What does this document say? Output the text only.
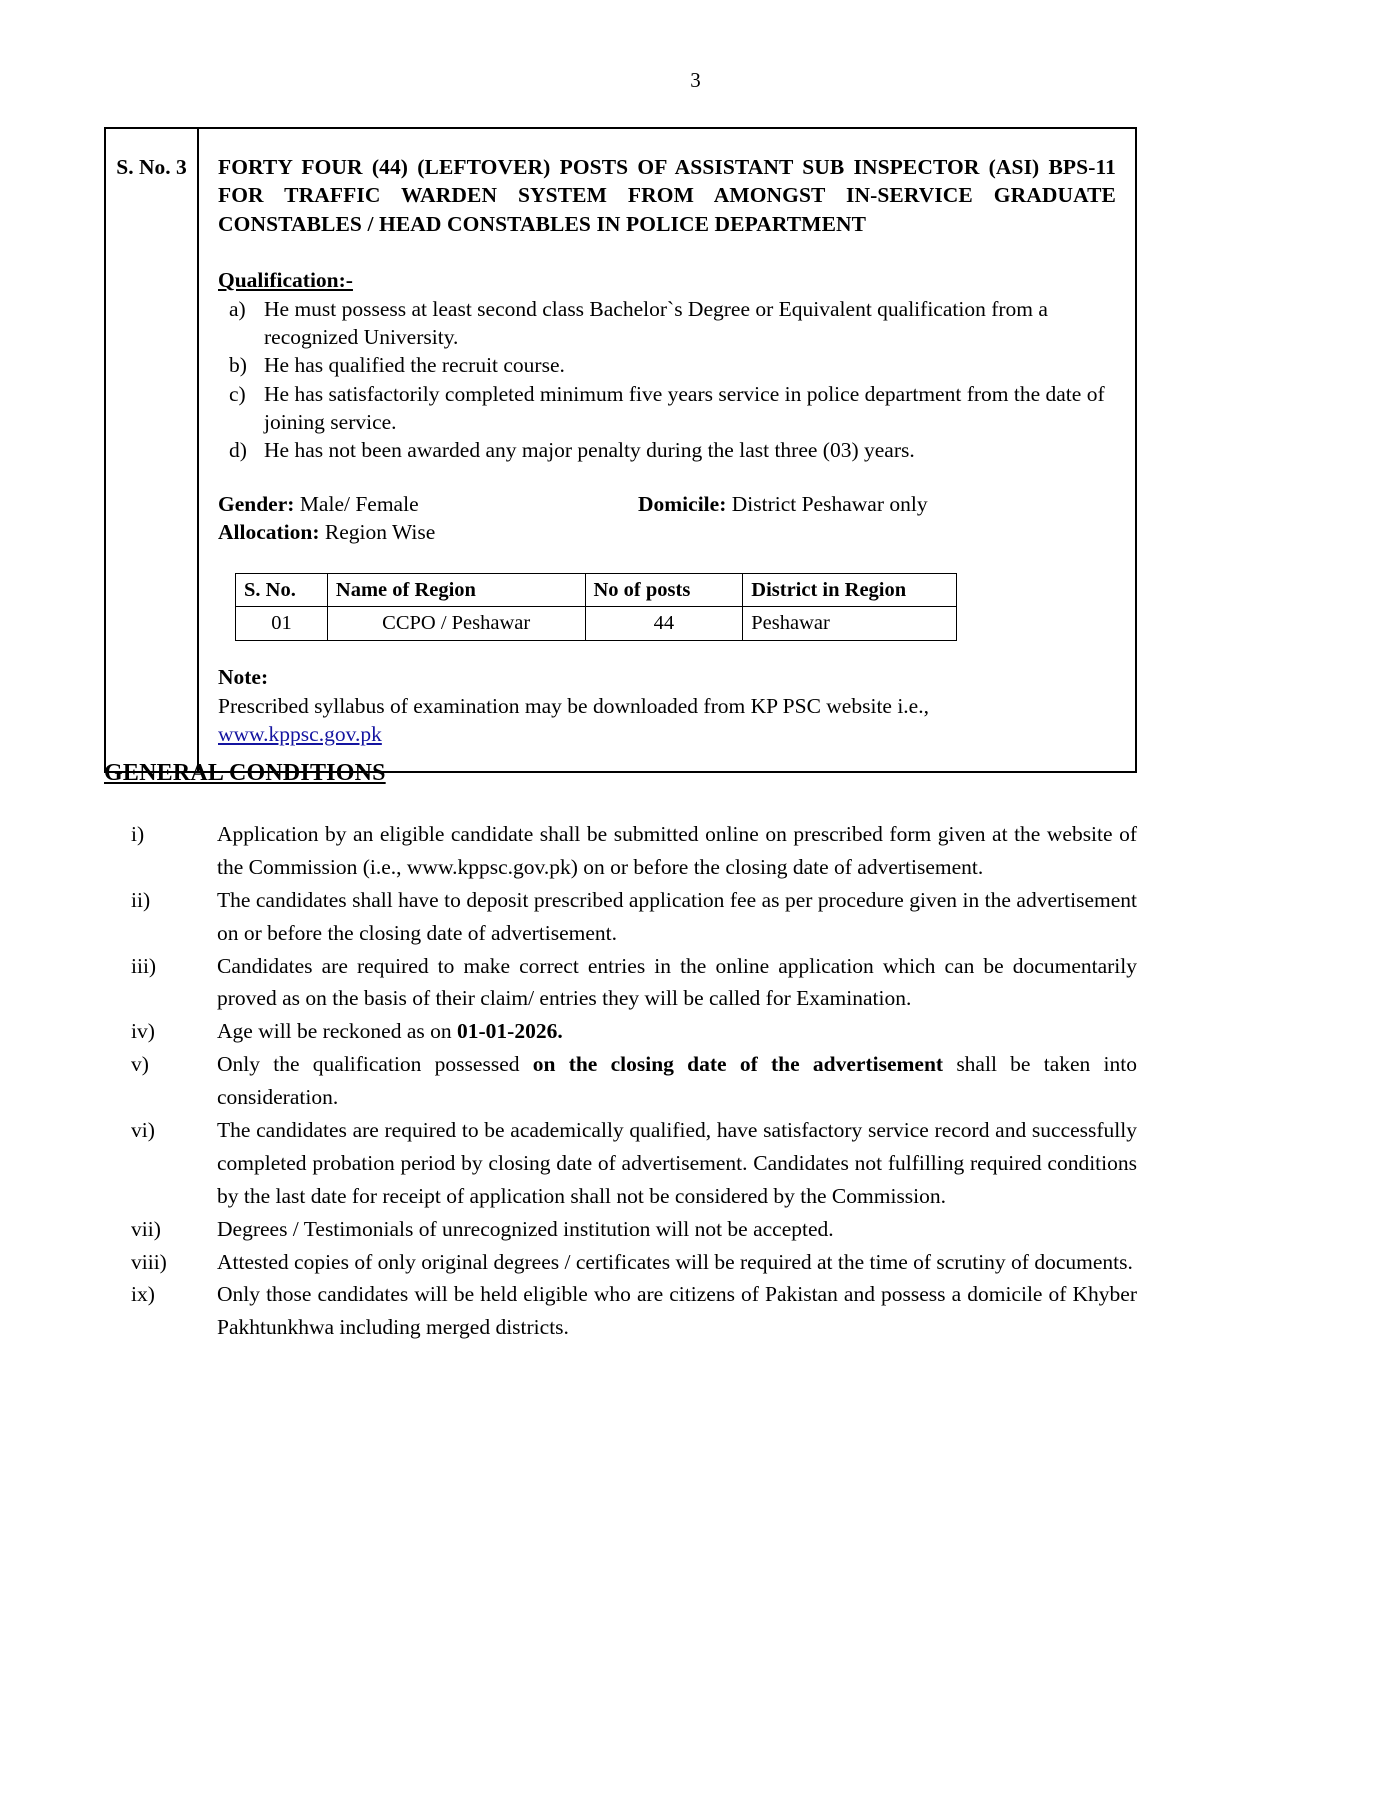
3
S. No. 3	FORTY FOUR (44) (LEFTOVER) POSTS OF ASSISTANT SUB INSPECTOR (ASI) BPS-11 FOR TRAFFIC WARDEN SYSTEM FROM AMONGST IN-SERVICE GRADUATE CONSTABLES / HEAD CONSTABLES IN POLICE DEPARTMENT

Qualification:-
a) He must possess at least second class Bachelor`s Degree or Equivalent qualification from a recognized University.
b) He has qualified the recruit course.
c) He has satisfactorily completed minimum five years service in police department from the date of joining service.
d) He has not been awarded any major penalty during the last three (03) years.
Gender: Male/ Female	Domicile: District Peshawar only
Allocation: Region Wise
S. No.	Name of Region	No of posts	District in Region
01	CCPO / Peshawar	44	Peshawar
Note:
Prescribed syllabus of examination may be downloaded from KP PSC website i.e.,
www.kppsc.gov.pk
GENERAL CONDITIONS
i)	Application by an eligible candidate shall be submitted online on prescribed form given at the website of the Commission (i.e., www.kppsc.gov.pk) on or before the closing date of advertisement.
ii)	The candidates shall have to deposit prescribed application fee as per procedure given in the advertisement on or before the closing date of advertisement.
iii)	Candidates are required to make correct entries in the online application which can be documentarily proved as on the basis of their claim/ entries they will be called for Examination.
iv)	Age will be reckoned as on 01-01-2026.
v)	Only the qualification possessed on the closing date of the advertisement shall be taken into consideration.
vi)	The candidates are required to be academically qualified, have satisfactory service record and successfully completed probation period by closing date of advertisement. Candidates not fulfilling required conditions by the last date for receipt of application shall not be considered by the Commission.
vii)	Degrees / Testimonials of unrecognized institution will not be accepted.
viii)	Attested copies of only original degrees / certificates will be required at the time of scrutiny of documents.
ix)	Only those candidates will be held eligible who are citizens of Pakistan and possess a domicile of Khyber Pakhtunkhwa including merged districts.
